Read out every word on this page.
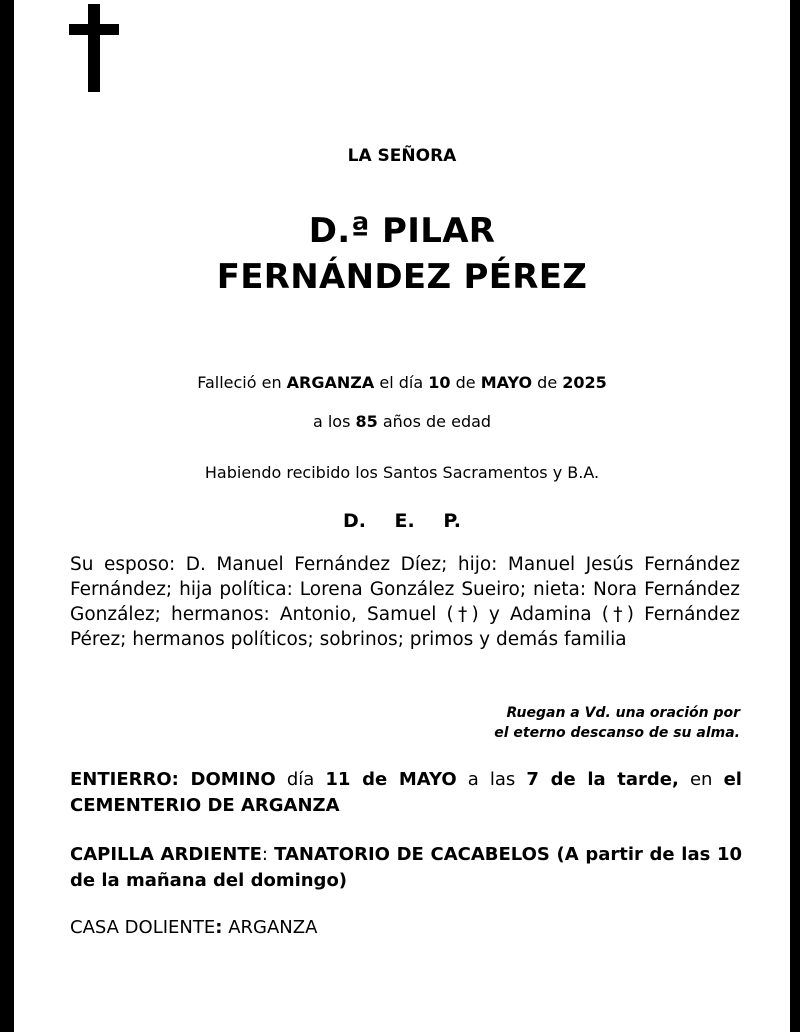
LA SEÑORA
D.ª PILAR
FERNÁNDEZ PÉREZ
Falleció en ARGANZA el día 10 de MAYO de 2025
a los 85 años de edad
Habiendo recibido los Santos Sacramentos y B.A.
D. E. P.
Su esposo: D. Manuel Fernández Díez; hijo: Manuel Jesús Fernández Fernández; hija política: Lorena González Sueiro; nieta: Nora Fernández González; hermanos: Antonio, Samuel (†) y Adamina (†) Fernández Pérez; hermanos políticos; sobrinos; primos y demás familia
Ruegan a Vd. una oración por
el eterno descanso de su alma.
ENTIERRO: DOMINO día 11 de MAYO a las 7 de la tarde, en el CEMENTERIO DE ARGANZA
CAPILLA ARDIENTE: TANATORIO DE CACABELOS (A partir de las 10 de la mañana del domingo)
CASA DOLIENTE: ARGANZA
